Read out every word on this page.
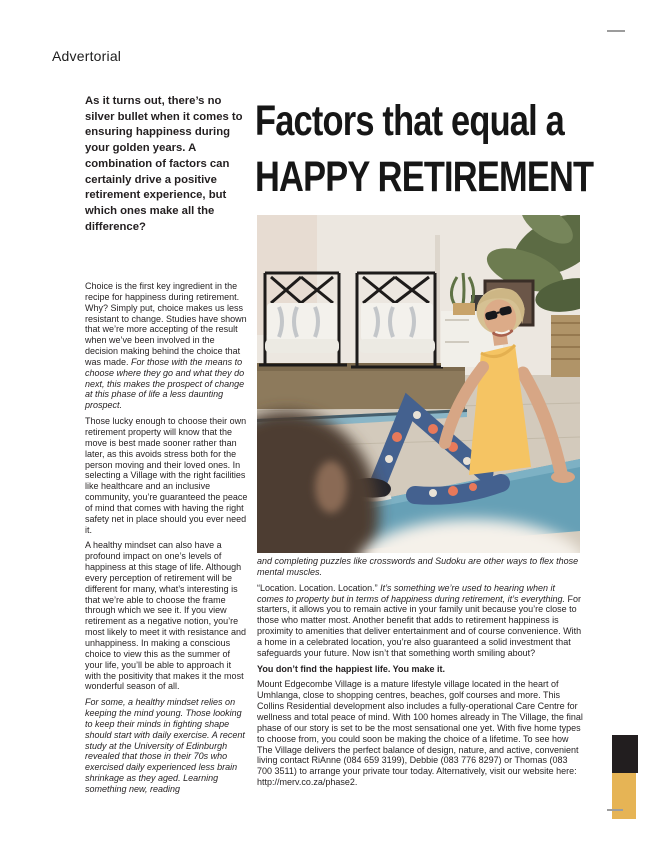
Advertorial
As it turns out, there’s no silver bullet when it comes to ensuring happiness during your golden years. A combination of factors can certainly drive a positive retirement experience, but which ones make all the difference?

Choice is the first key ingredient in the recipe for happiness during retirement. Why? Simply put, choice makes us less resistant to change. Studies have shown that we’re more accepting of the result when we’ve been involved in the decision making behind the choice that was made. For those with the means to choose where they go and what they do next, this makes the prospect of change at this phase of life a less daunting prospect.

Those lucky enough to choose their own retirement property will know that the move is best made sooner rather than later, as this avoids stress both for the person moving and their loved ones. In selecting a Village with the right facilities like healthcare and an inclusive community, you’re guaranteed the peace of mind that comes with having the right safety net in place should you ever need it.

A healthy mindset can also have a profound impact on one’s levels of happiness at this stage of life. Although every perception of retirement will be different for many, what’s interesting is that we’re able to choose the frame through which we see it. If you view retirement as a negative notion, you’re most likely to meet it with resistance and unhappiness. In making a conscious choice to view this as the summer of your life, you’ll be able to approach it with the positivity that makes it the most wonderful season of all.

For some, a healthy mindset relies on keeping the mind young. Those looking to keep their minds in fighting shape should start with daily exercise. A recent study at the University of Edinburgh revealed that those in their 70s who exercised daily experienced less brain shrinkage as they aged. Learning something new, reading

Factors that equal a
HAPPY RETIREMENT

and completing puzzles like crosswords and Sudoku are other ways to flex those mental muscles.

“Location. Location. Location.” It’s something we’re used to hearing when it comes to property but in terms of happiness during retirement, it’s everything. For starters, it allows you to remain active in your family unit because you’re close to those who matter most. Another benefit that adds to retirement happiness is proximity to amenities that deliver entertainment and of course convenience. With a home in a celebrated location, you’re also guaranteed a solid investment that safeguards your future. Now isn’t that something worth smiling about?

You don’t find the happiest life. You make it.

Mount Edgecombe Village is a mature lifestyle village located in the heart of Umhlanga, close to shopping centres, beaches, golf courses and more. This Collins Residential development also includes a fully-operational Care Centre for wellness and total peace of mind. With 100 homes already in The Village, the final phase of our story is set to be the most sensational one yet. With five home types to choose from, you could soon be making the choice of a lifetime. To see how The Village delivers the perfect balance of design, nature, and active, convenient living contact RiAnne (084 659 3199), Debbie (083 776 8297) or Thomas (083 700 3511) to arrange your private tour today. Alternatively, visit our website here: http://merv.co.za/phase2.
